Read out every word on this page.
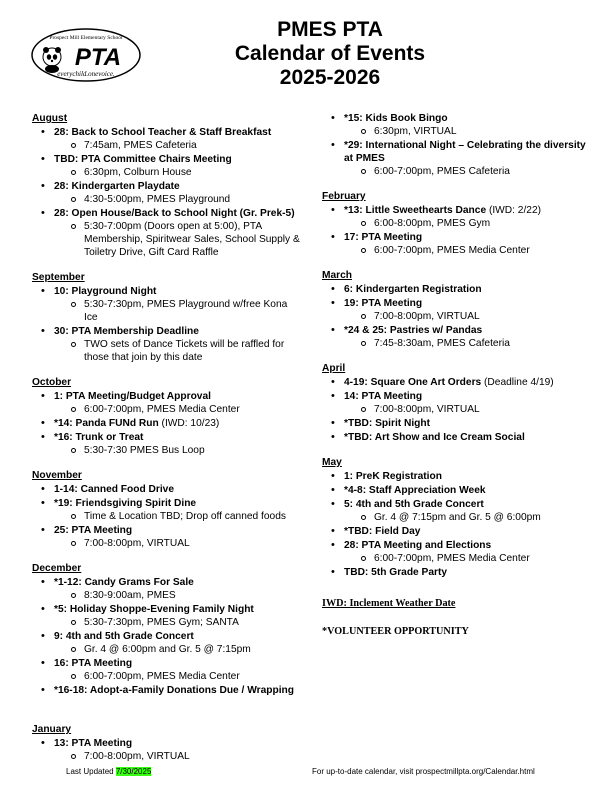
Prospect Mill Elementary School
PTA
everychild.onevoice.
PMES PTA
Calendar of Events
2025-2026
August
• 28: Back to School Teacher & Staff Breakfast
7:45am, PMES Cafeteria
• TBD: PTA Committee Chairs Meeting
6:30pm, Colburn House
• 28: Kindergarten Playdate
4:30-5:00pm, PMES Playground
• 28: Open House/Back to School Night (Gr. Prek-5)
5:30-7:00pm (Doors open at 5:00), PTA Membership, Spiritwear Sales, School Supply & Toiletry Drive, Gift Card Raffle
September
• 10: Playground Night
5:30-7:30pm, PMES Playground w/free Kona Ice
• 30: PTA Membership Deadline
TWO sets of Dance Tickets will be raffled for those that join by this date
October
• 1: PTA Meeting/Budget Approval
6:00-7:00pm, PMES Media Center
• *14: Panda FUNd Run (IWD: 10/23)
• *16: Trunk or Treat
5:30-7:30 PMES Bus Loop
November
• 1-14: Canned Food Drive
• *19: Friendsgiving Spirit Dine
Time & Location TBD; Drop off canned foods
• 25: PTA Meeting
7:00-8:00pm, VIRTUAL
December
• *1-12: Candy Grams For Sale
8:30-9:00am, PMES
• *5: Holiday Shoppe-Evening Family Night
5:30-7:30pm, PMES Gym; SANTA
• 9: 4th and 5th Grade Concert
Gr. 4 @ 6:00pm and Gr. 5 @ 7:15pm
• 16: PTA Meeting
6:00-7:00pm, PMES Media Center
• *16-18: Adopt-a-Family Donations Due / Wrapping
January
• 13: PTA Meeting
7:00-8:00pm, VIRTUAL
• *15: Kids Book Bingo
6:30pm, VIRTUAL
• *29: International Night – Celebrating the diversity at PMES
6:00-7:00pm, PMES Cafeteria
February
• *13: Little Sweethearts Dance (IWD: 2/22)
6:00-8:00pm, PMES Gym
• 17: PTA Meeting
6:00-7:00pm, PMES Media Center
March
• 6: Kindergarten Registration
• 19: PTA Meeting
7:00-8:00pm, VIRTUAL
• *24 & 25: Pastries w/ Pandas
7:45-8:30am, PMES Cafeteria
April
• 4-19: Square One Art Orders (Deadline 4/19)
• 14: PTA Meeting
7:00-8:00pm, VIRTUAL
• *TBD: Spirit Night
• *TBD: Art Show and Ice Cream Social
May
• 1: PreK Registration
• *4-8: Staff Appreciation Week
• 5: 4th and 5th Grade Concert
Gr. 4 @ 7:15pm and Gr. 5 @ 6:00pm
• *TBD: Field Day
• 28: PTA Meeting and Elections
6:00-7:00pm, PMES Media Center
• TBD: 5th Grade Party
IWD: Inclement Weather Date
*VOLUNTEER OPPORTUNITY
Last Updated 7/30/2025	For up-to-date calendar, visit prospectmillpta.org/Calendar.html
